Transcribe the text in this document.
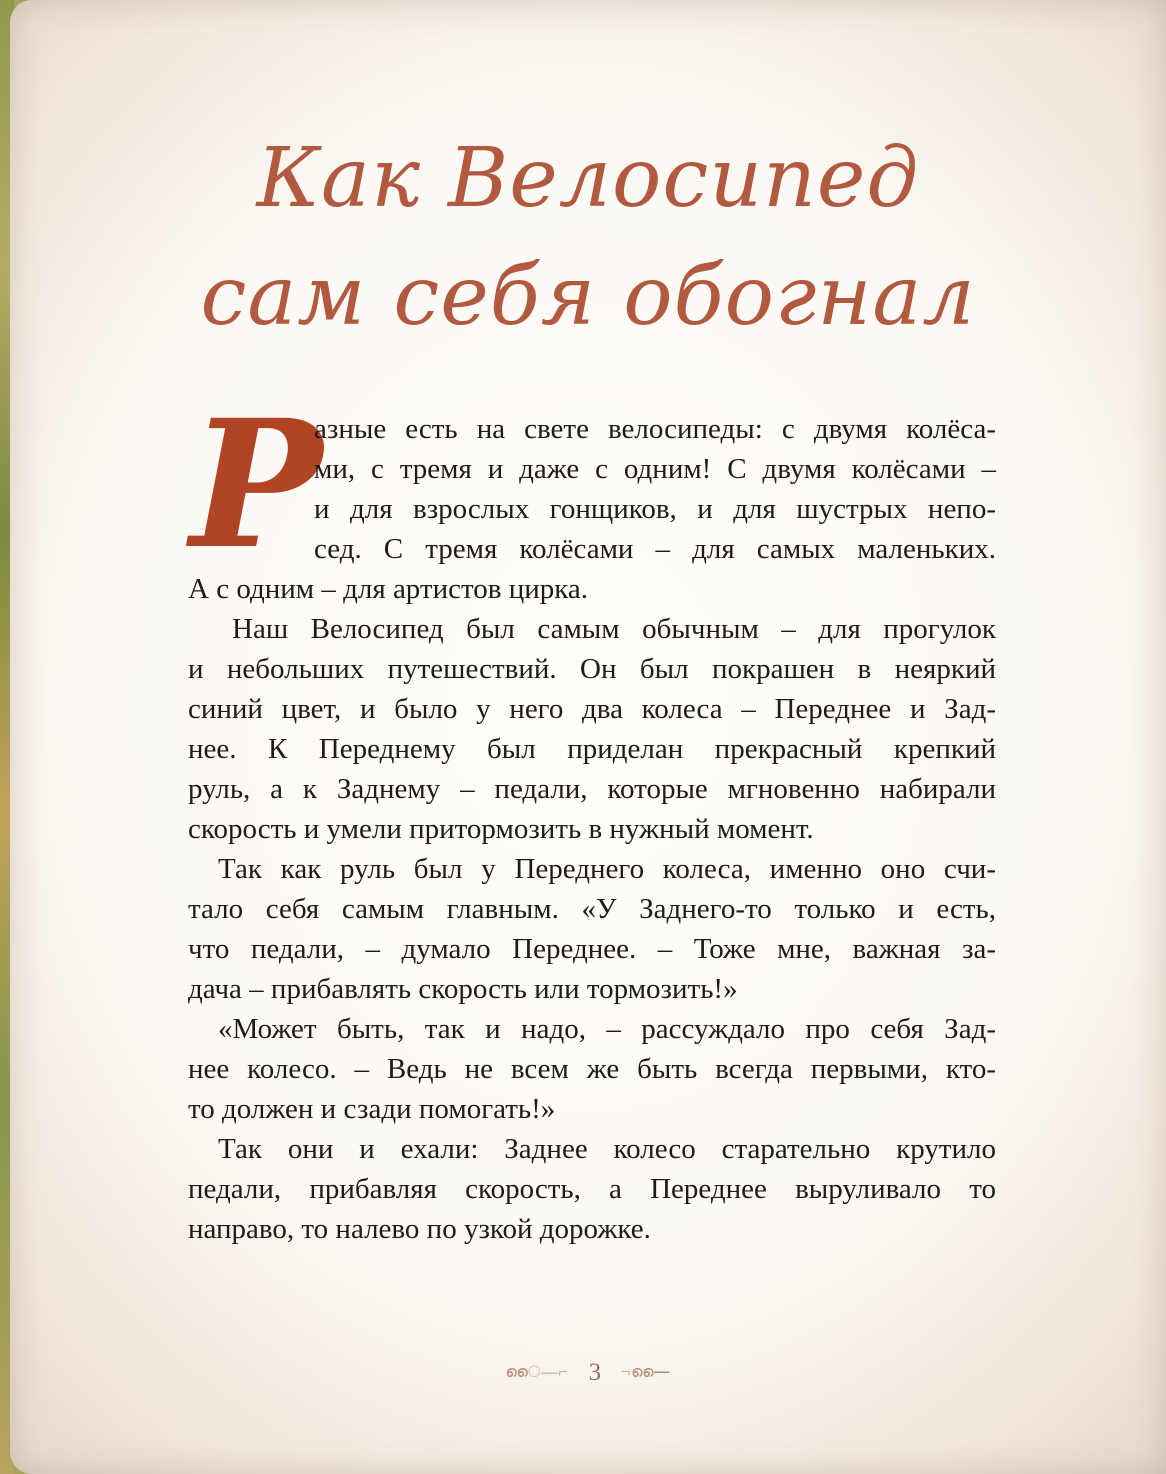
Как Велосипед
сам себя обогнал
Р
азные есть на свете велосипеды: с двумя колёса-
ми, с тремя и даже с одним! С двумя колёсами –
и для взрослых гонщиков, и для шустрых непо-
сед. С тремя колёсами – для самых маленьких.
А с одним – для артистов цирка.
Наш Велосипед был самым обычным – для прогулок
и небольших путешествий. Он был покрашен в неяркий
синий цвет, и было у него два колеса – Переднее и Зад-
нее. К Переднему был приделан прекрасный крепкий
руль, а к Заднему – педали, которые мгновенно набирали
скорость и умели притормозить в нужный момент.
Так как руль был у Переднего колеса, именно оно счи-
тало себя самым главным. «У Заднего-то только и есть,
что педали, – думало Переднее. – Тоже мне, важная за-
дача – прибавлять скорость или тормозить!»
«Может быть, так и надо, – рассуждало про себя Зад-
нее колесо. – Ведь не всем же быть всегда первыми, кто-
то должен и сзади помогать!»
Так они и ехали: Заднее колесо старательно крутило
педали, прибавляя скорость, а Переднее выруливало то
направо, то налево по узкой дорожке.
ൈ—⌐ 3 ¬—ൈ
